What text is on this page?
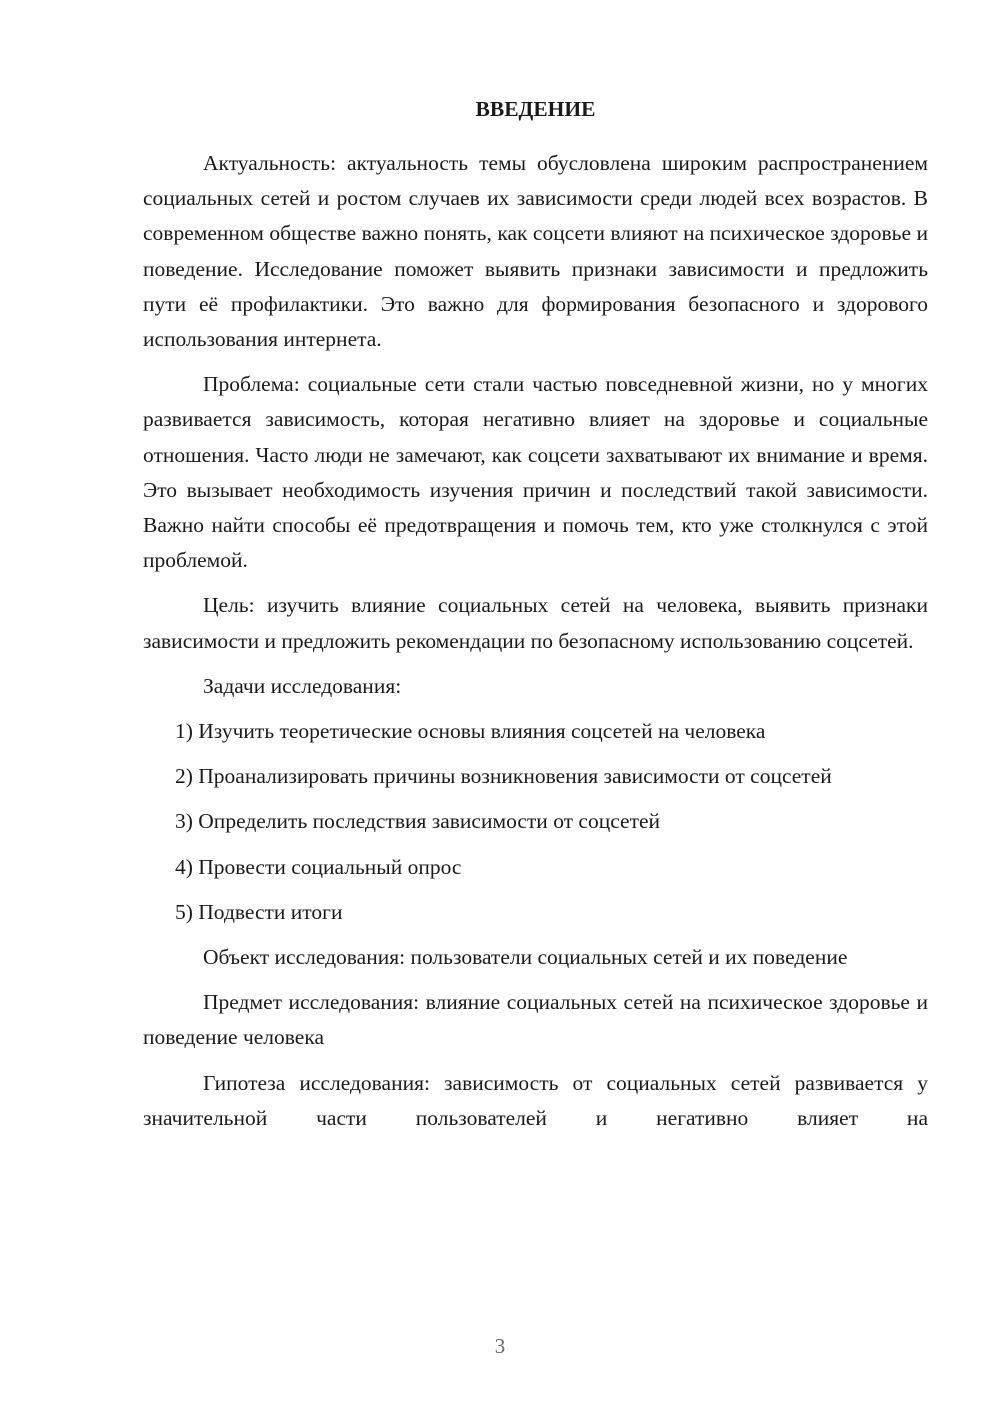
ВВЕДЕНИЕ

Актуальность: актуальность темы обусловлена широким распространением социальных сетей и ростом случаев их зависимости среди людей всех возрастов. В современном обществе важно понять, как соцсети влияют на психическое здоровье и поведение. Исследование поможет выявить признаки зависимости и предложить пути её профилактики. Это важно для формирования безопасного и здорового использования интернета.

Проблема: социальные сети стали частью повседневной жизни, но у многих развивается зависимость, которая негативно влияет на здоровье и социальные отношения. Часто люди не замечают, как соцсети захватывают их внимание и время. Это вызывает необходимость изучения причин и последствий такой зависимости. Важно найти способы её предотвращения и помочь тем, кто уже столкнулся с этой проблемой.

Цель: изучить влияние социальных сетей на человека, выявить признаки зависимости и предложить рекомендации по безопасному использованию соцсетей.

Задачи исследования:

1) Изучить теоретические основы влияния соцсетей на человека

2) Проанализировать причины возникновения зависимости от соцсетей

3) Определить последствия зависимости от соцсетей

4) Провести социальный опрос

5) Подвести итоги

Объект исследования: пользователи социальных сетей и их поведение

Предмет исследования: влияние социальных сетей на психическое здоровье и поведение человека

Гипотеза исследования: зависимость от социальных сетей развивается у значительной части пользователей и негативно влияет на

3
